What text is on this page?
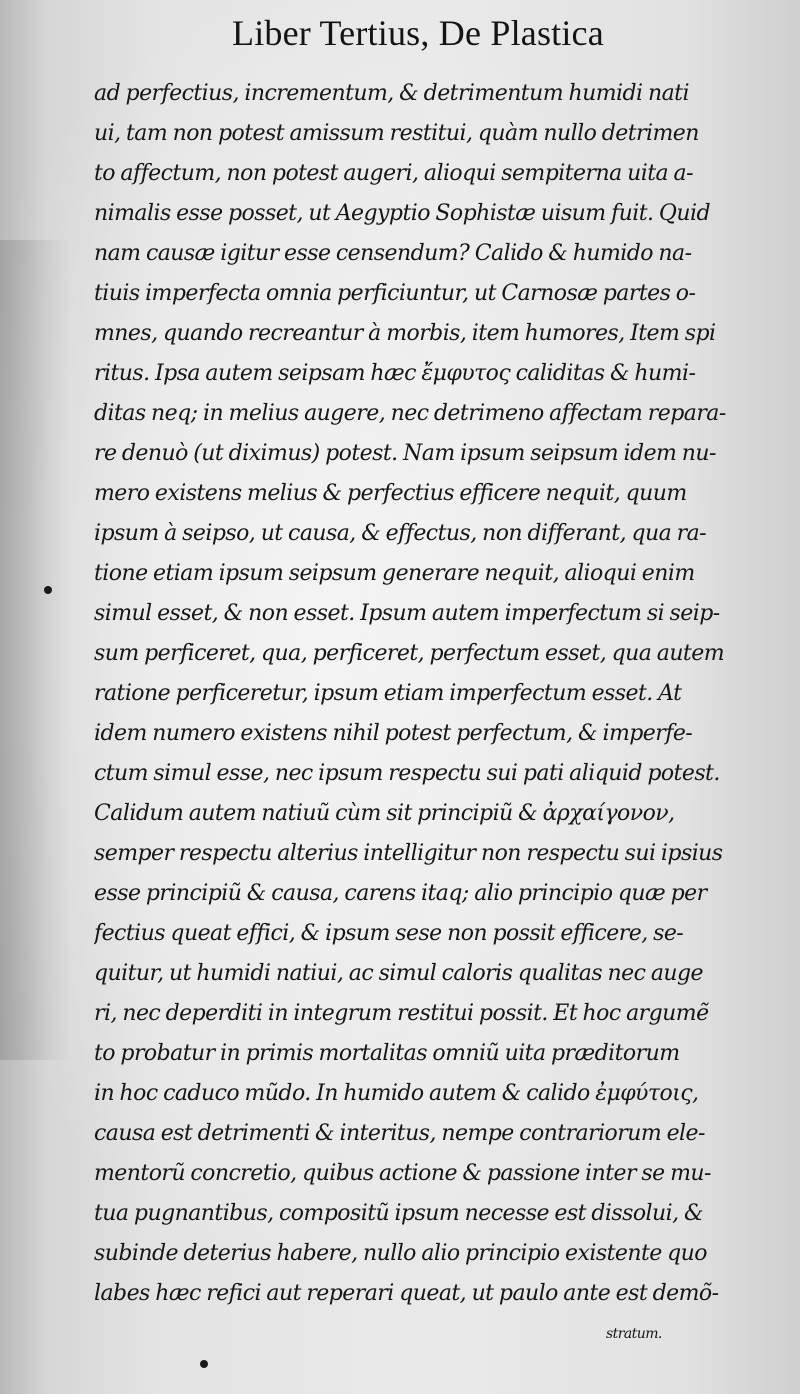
Liber Tertius, De Plastica
ad perfectius, incrementum, & detrimentum humidi nati
ui, tam non potest amissum restitui, quàm nullo detrimen
to affectum, non potest augeri, alioqui sempiterna uita a-
nimalis esse posset, ut Aegyptio Sophistæ uisum fuit. Quid
nam causæ igitur esse censendum? Calido & humido na-
tiuis imperfecta omnia perficiuntur, ut Carnosæ partes o-
mnes, quando recreantur à morbis, item humores, Item spi
ritus. Ipsa autem seipsam hæc ἔμφυτος caliditas & humi-
ditas neq; in melius augere, nec detrimeno affectam repara-
re denuò (ut diximus) potest. Nam ipsum seipsum idem nu-
mero existens melius & perfectius efficere nequit, quum
ipsum à seipso, ut causa, & effectus, non differant, qua ra-
tione etiam ipsum seipsum generare nequit, alioqui enim
simul esset, & non esset. Ipsum autem imperfectum si seip-
sum perficeret, qua, perficeret, perfectum esset, qua autem
ratione perficeretur, ipsum etiam imperfectum esset. At
idem numero existens nihil potest perfectum, & imperfe-
ctum simul esse, nec ipsum respectu sui pati aliquid potest.
Calidum autem natiuũ cùm sit principiũ & ἀρχαίγονον,
semper respectu alterius intelligitur non respectu sui ipsius
esse principiũ & causa, carens itaq; alio principio quæ per
fectius queat effici, & ipsum sese non possit efficere, se-
quitur, ut humidi natiui, ac simul caloris qualitas nec auge
ri, nec deperditi in integrum restitui possit. Et hoc argumẽ
to probatur in primis mortalitas omniũ uita præditorum
in hoc caduco mũdo. In humido autem & calido ἐμφύτοις,
causa est detrimenti & interitus, nempe contrariorum ele-
mentorũ concretio, quibus actione & passione inter se mu-
tua pugnantibus, compositũ ipsum necesse est dissolui, &
subinde deterius habere, nullo alio principio existente quo
labes hæc refici aut reperari queat, ut paulo ante est demõ-
stratum.
